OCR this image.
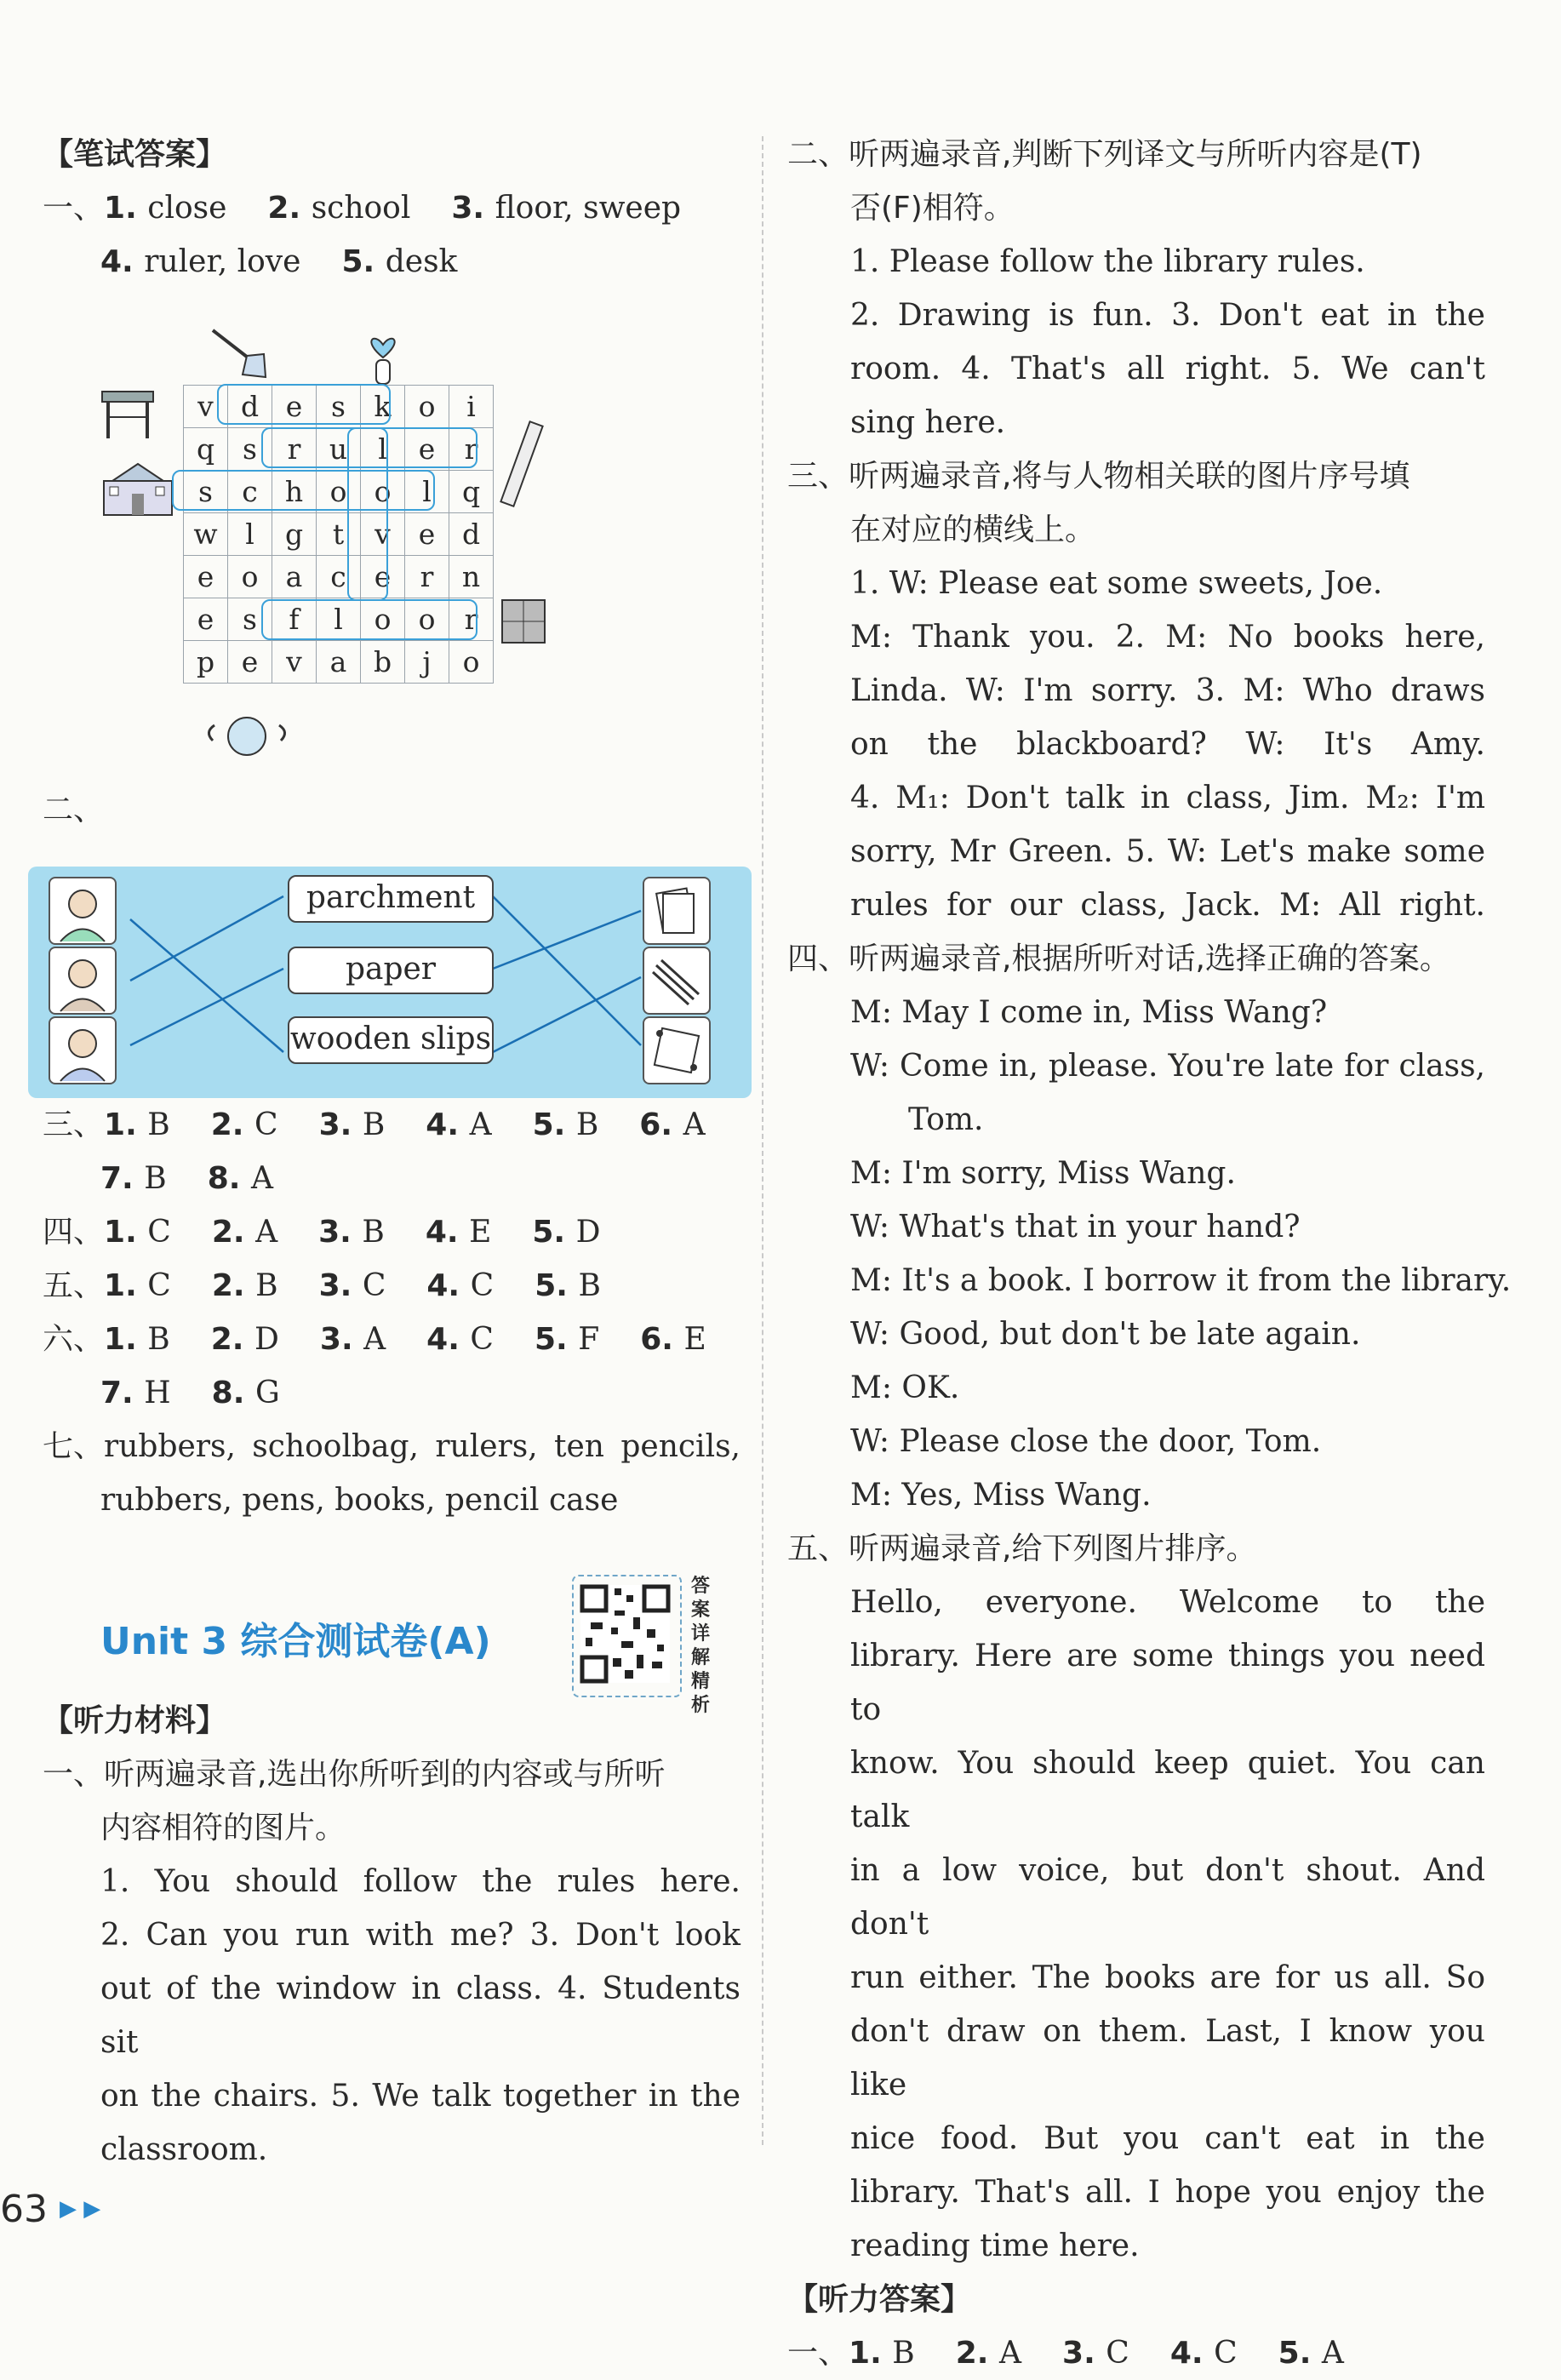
【笔试答案】
一、1. close 2. school 3. floor, sweep
4. ruler, love 5. desk
v	d	e	s	k	o	i
q	s	r	u	l	e	r
s	c	h	o	o	l	q
w	l	g	t	v	e	d
e	o	a	c	e	r	n
e	s	f	l	o	o	r
p	e	v	a	b	j	o
二、
parchment
paper
wooden slips
三、1. B 2. C 3. B 4. A 5. B 6. A
7. B 8. A
四、1. C 2. A 3. B 4. E 5. D
五、1. C 2. B 3. C 4. C 5. B
六、1. B 2. D 3. A 4. C 5. F 6. E
7. H 8. G
七、 rubbers, schoolbag, rulers, ten pencils,
rubbers, pens, books, pencil case
Unit 3 综合测试卷(A)
答案详解精析
【听力材料】
一、听两遍录音,选出你所听到的内容或与所听
内容相符的图片。
1. You should follow the rules here.
2. Can you run with me? 3. Don't look
out of the window in class. 4. Students sit
on the chairs. 5. We talk together in the
classroom.
二、听两遍录音,判断下列译文与所听内容是(T)
否(F)相符。
1. Please follow the library rules.
2. Drawing is fun. 3. Don't eat in the
room. 4. That's all right. 5. We can't
sing here.
三、听两遍录音,将与人物相关联的图片序号填
在对应的横线上。
1. W: Please eat some sweets, Joe.
M: Thank you. 2. M: No books here,
Linda. W: I'm sorry. 3. M: Who draws
on the blackboard? W: It's Amy.
4. M₁: Don't talk in class, Jim. M₂: I'm
sorry, Mr Green. 5. W: Let's make some
rules for our class, Jack. M: All right.
四、听两遍录音,根据所听对话,选择正确的答案。
M: May I come in, Miss Wang?
W: Come in, please. You're late for class,
Tom.
M: I'm sorry, Miss Wang.
W: What's that in your hand?
M: It's a book. I borrow it from the library.
W: Good, but don't be late again.
M: OK.
W: Please close the door, Tom.
M: Yes, Miss Wang.
五、听两遍录音,给下列图片排序。
Hello, everyone. Welcome to the
library. Here are some things you need to
know. You should keep quiet. You can talk
in a low voice, but don't shout. And don't
run either. The books are for us all. So
don't draw on them. Last, I know you like
nice food. But you can't eat in the
library. That's all. I hope you enjoy the
reading time here.
【听力答案】
一、1. B 2. A 3. C 4. C 5. A
63 ▶ ▶
